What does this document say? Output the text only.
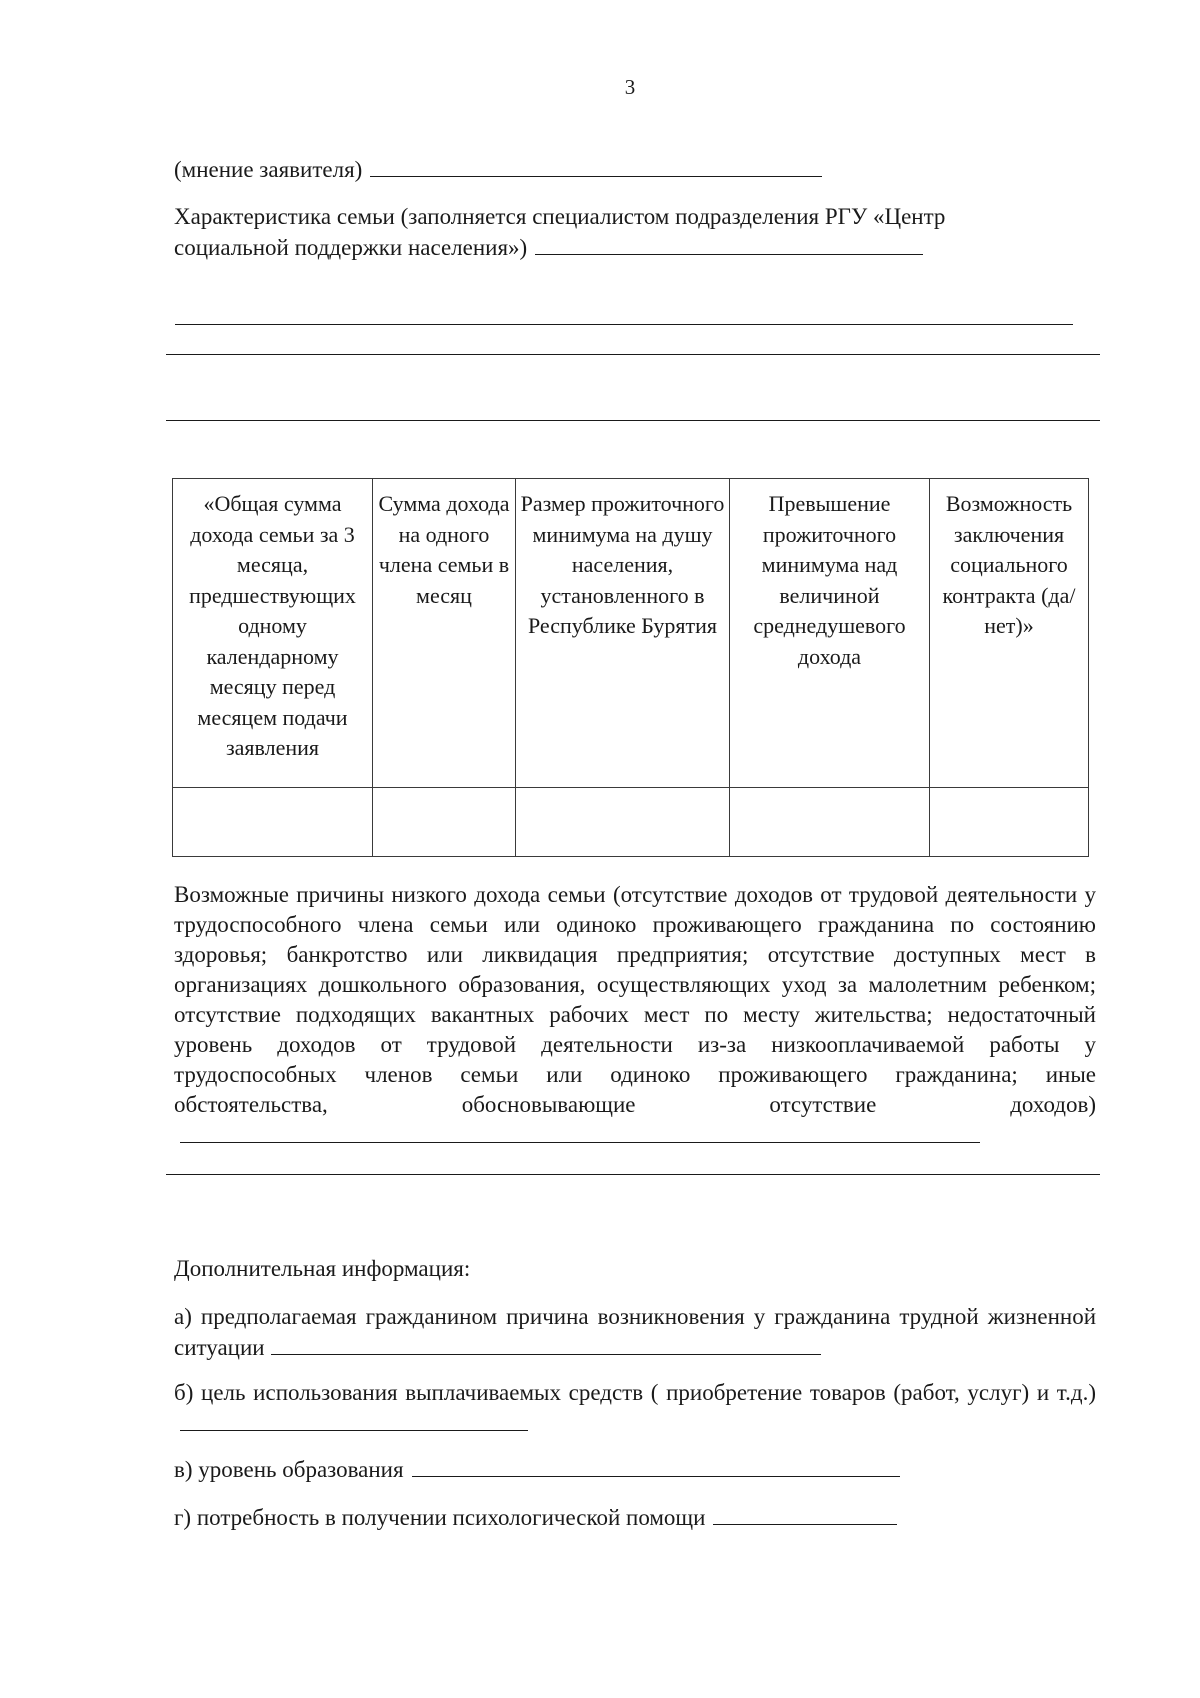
3
(мнение заявителя)
Характеристика семьи (заполняется специалистом подразделения РГУ «Центр
социальной поддержки населения»)
«Общая сумма дохода семьи за 3 месяца, предшествующих одному календарному месяцу перед месяцем подачи заявления	Сумма дохода на одного члена семьи в месяц	Размер прожиточного минимума на душу населения, установленного в Республике Бурятия	Превышение прожиточного минимума над величиной среднедушевого дохода	Возможность заключения социального контракта (да/ нет)»

Возможные причины низкого дохода семьи (отсутствие доходов от трудовой деятельности у трудоспособного члена семьи или одиноко проживающего гражданина по состоянию здоровья; банкротство или ликвидация предприятия; отсутствие доступных мест в организациях дошкольного образования, осуществляющих уход за малолетним ребенком; отсутствие подходящих вакантных рабочих мест по месту жительства; недостаточный уровень доходов от трудовой деятельности из-за низкооплачиваемой работы у трудоспособных членов семьи или одиноко проживающего гражданина; иные обстоятельства, обосновывающие отсутствие доходов)
Дополнительная информация:
а) предполагаемая гражданином причина возникновения у гражданина трудной жизненной ситуации
б) цель использования выплачиваемых средств ( приобретение товаров (работ, услуг) и т.д.)
в) уровень образования
г) потребность в получении психологической помощи
